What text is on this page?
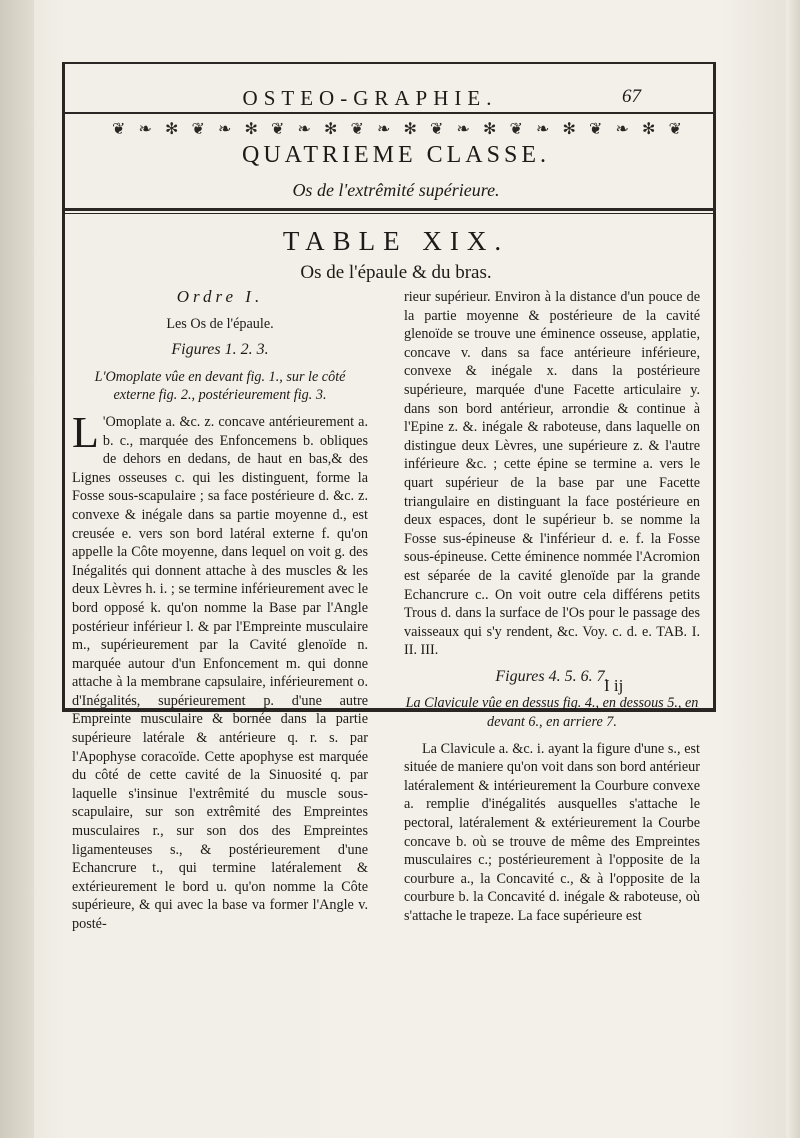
OSTEO-GRAPHIE.	67
❦ ❧ ✻ ❦ ❧ ✻ ❦ ❧ ✻ ❦ ❧ ✻ ❦ ❧ ✻ ❦ ❧ ✻ ❦ ❧ ✻ ❦
QUATRIEME CLASSE.
Os de l'extrêmité supérieure.
TABLE XIX.
Os de l'épaule & du bras.

Ordre I.

Les Os de l'épaule.

Figures 1. 2. 3.

L'Omoplate vûe en devant fig. 1., sur le côté externe fig. 2., postérieurement fig. 3.

L 'Omoplate a. &c. z. concave antérieurement a. b. c., marquée des Enfoncemens b. obliques de dehors en dedans, de haut en bas,& des Lignes osseuses c. qui les distinguent, forme la Fosse sous-scapulaire ; sa face postérieure d. &c. z. convexe & inégale dans sa partie moyenne d., est creusée e. vers son bord latéral externe f. qu'on appelle la Côte moyenne, dans lequel on voit g. des Inégalités qui donnent attache à des muscles & les deux Lèvres h. i. ; se termine inférieurement avec le bord opposé k. qu'on nomme la Base par l'Angle postérieur inférieur l. & par l'Empreinte musculaire m., supérieurement par la Cavité glenoïde n. marquée autour d'un Enfoncement m. qui donne attache à la membrane capsulaire, inférieurement o. d'Inégalités, supérieurement p. d'une autre Empreinte musculaire & bornée dans la partie supérieure latérale & antérieure q. r. s. par l'Apophyse coracoïde. Cette apophyse est marquée du côté de cette cavité de la Sinuosité q. par laquelle s'insinue l'extrêmité du muscle sous-scapulaire, sur son extrêmité des Empreintes musculaires r., sur son dos des Empreintes ligamenteuses s., & postérieurement d'une Echancrure t., qui termine latéralement & extérieurement le bord u. qu'on nomme la Côte supérieure, & qui avec la base va former l'Angle v. posté-

rieur supérieur. Environ à la distance d'un pouce de la partie moyenne & postérieure de la cavité glenoïde se trouve une éminence osseuse, applatie, concave v. dans sa face antérieure inférieure, convexe & inégale x. dans la postérieure supérieure, marquée d'une Facette articulaire y. dans son bord antérieur, arrondie & continue à l'Epine z. &. inégale & raboteuse, dans laquelle on distingue deux Lèvres, une supérieure z. & l'autre inférieure &c. ; cette épine se termine a. vers le quart supérieur de la base par une Facette triangulaire en distinguant la face postérieure en deux espaces, dont le supérieur b. se nomme la Fosse sus-épineuse & l'inférieur d. e. f. la Fosse sous-épineuse. Cette éminence nommée l'Acromion est séparée de la cavité glenoïde par la grande Echancrure c.. On voit outre cela différens petits Trous d. dans la surface de l'Os pour le passage des vaisseaux qui s'y rendent, &c. Voy. c. d. e. TAB. I. II. III.

Figures 4. 5. 6. 7.

La Clavicule vûe en dessus fig. 4., en dessous 5., en devant 6., en arriere 7.

La Clavicule a. &c. i. ayant la figure d'une s., est située de maniere qu'on voit dans son bord antérieur latéralement & intérieurement la Courbure convexe a. remplie d'inégalités ausquelles s'attache le pectoral, latéralement & extérieurement la Courbe concave b. où se trouve de même des Empreintes musculaires c.; postérieurement à l'opposite de la courbure a., la Concavité c., & à l'opposite de la courbure b. la Concavité d. inégale & raboteuse, où s'attache le trapeze. La face supérieure est

I ij
